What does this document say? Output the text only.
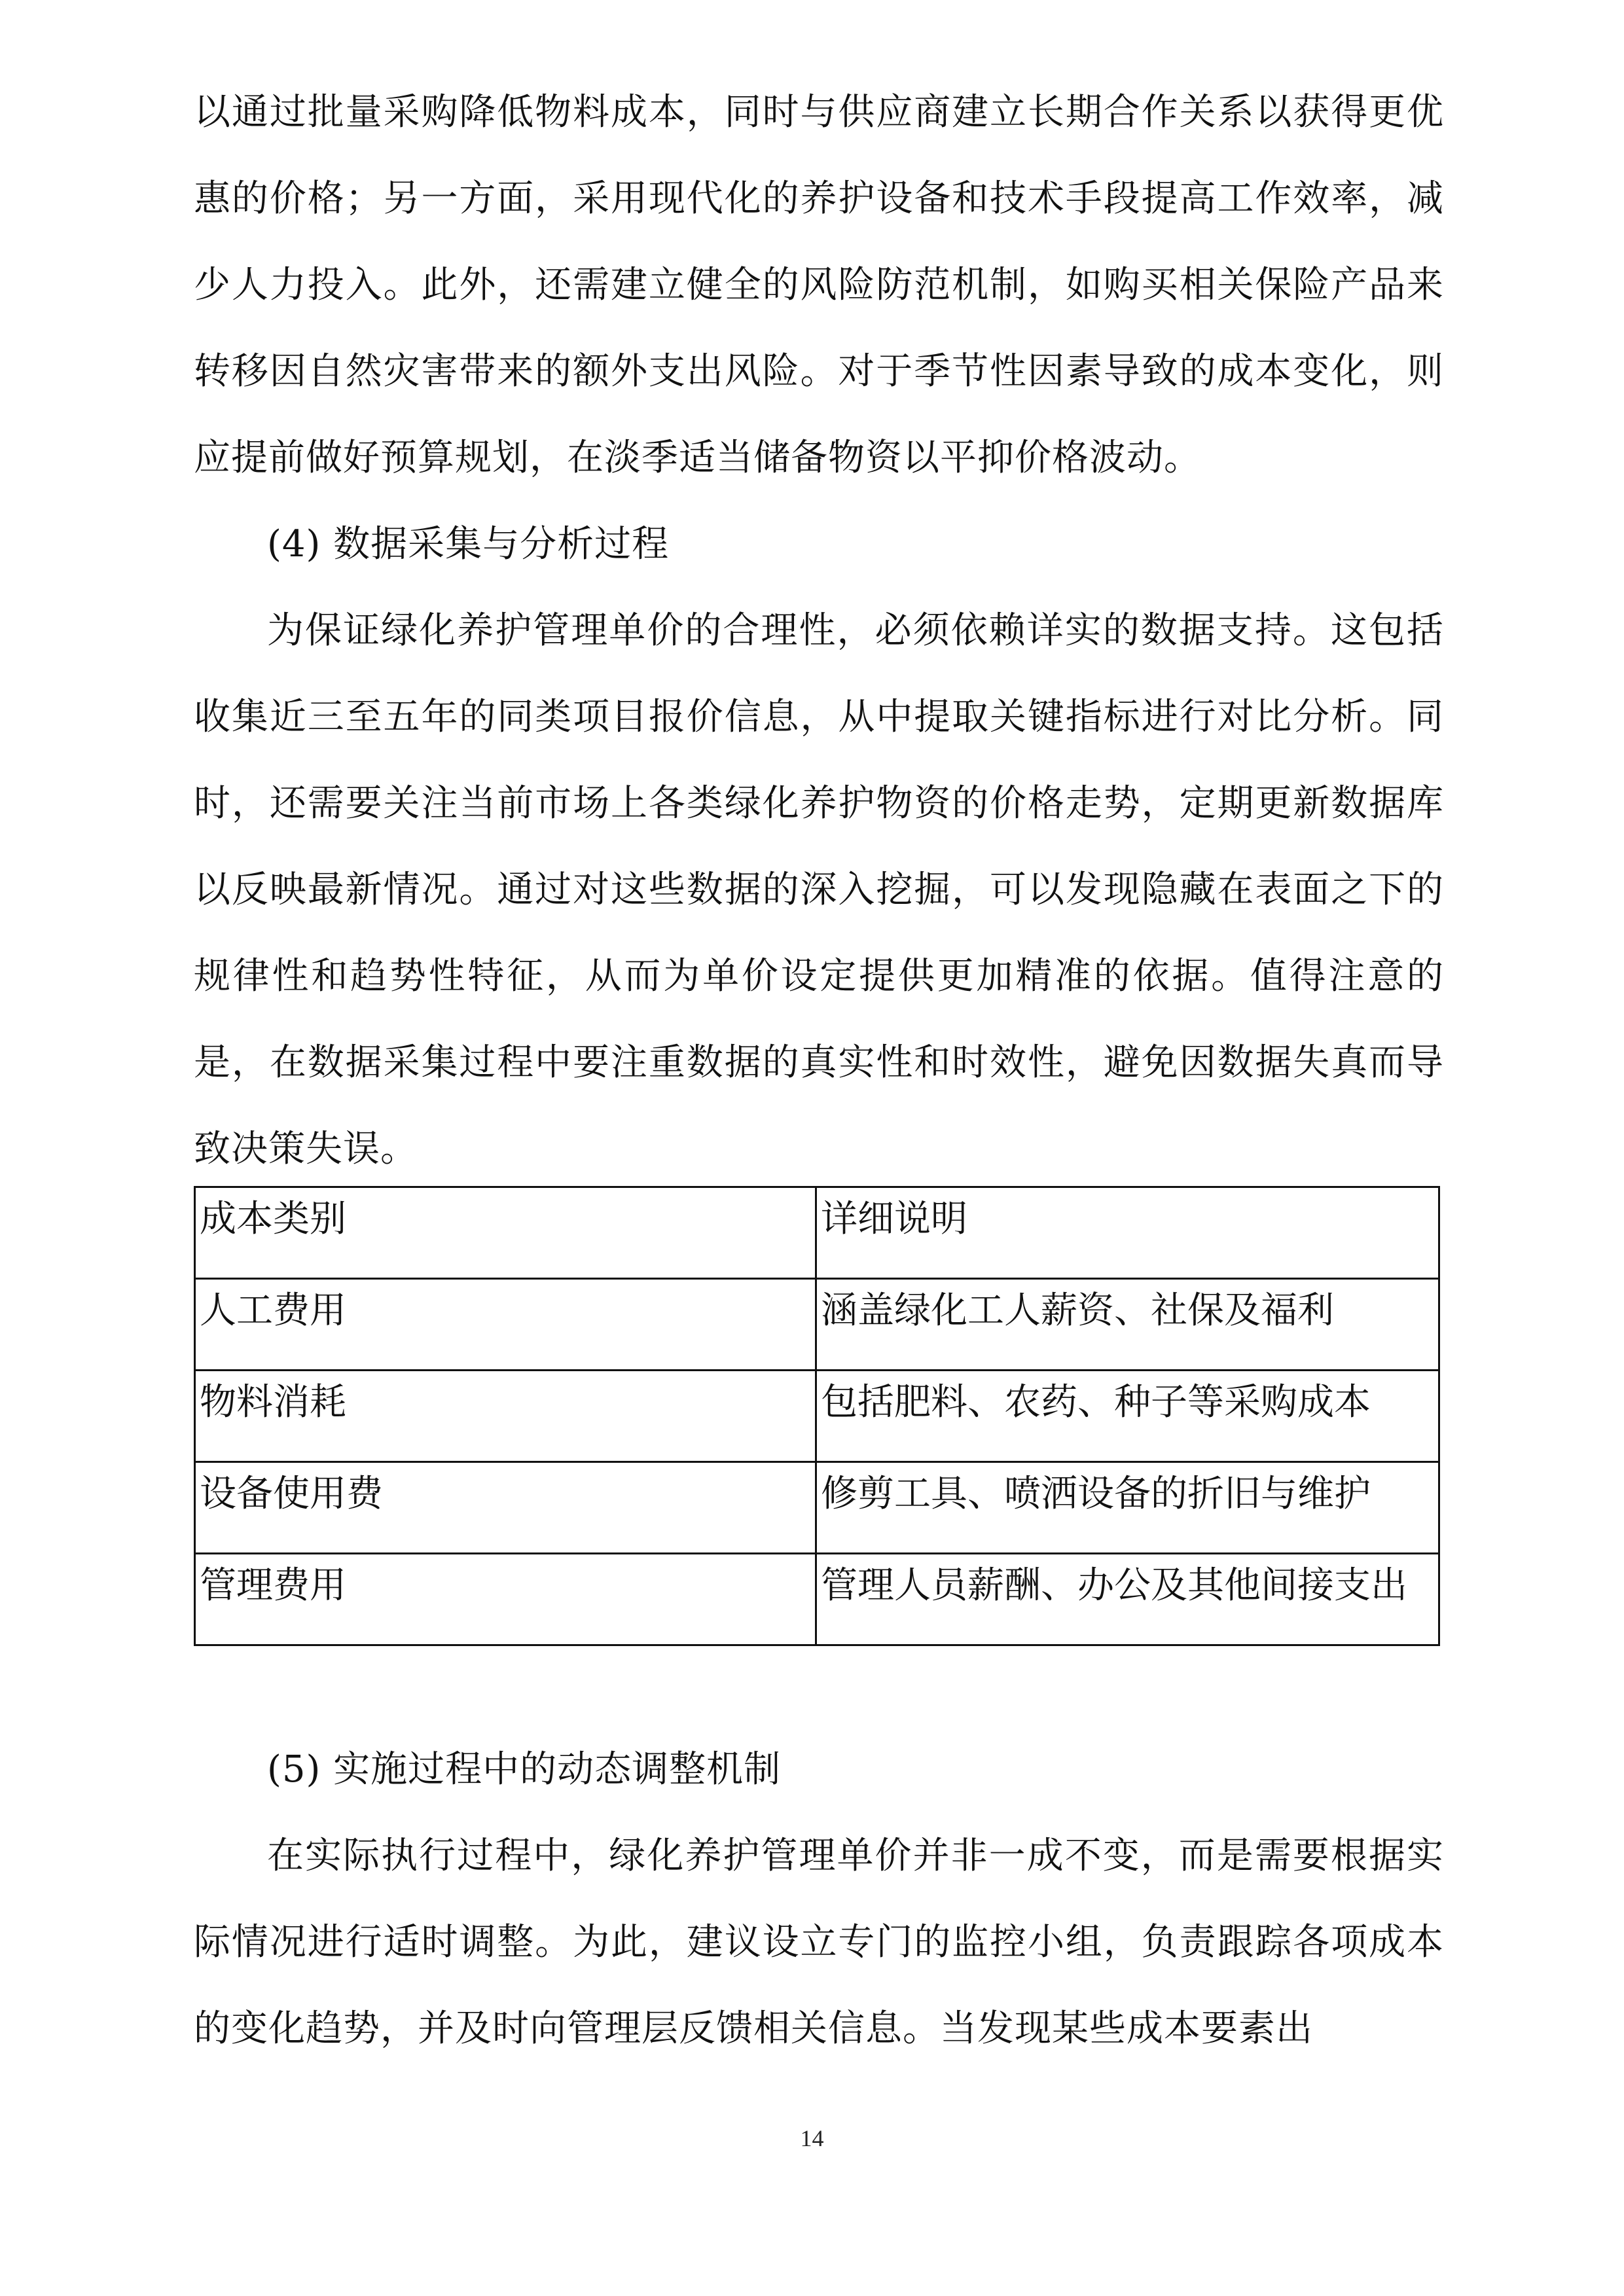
以通过批量采购降低物料成本，同时与供应商建立长期合作关系以获得更优惠的价格；另一方面，采用现代化的养护设备和技术手段提高工作效率，减少人力投入。此外，还需建立健全的风险防范机制，如购买相关保险产品来转移因自然灾害带来的额外支出风险。对于季节性因素导致的成本变化，则应提前做好预算规划，在淡季适当储备物资以平抑价格波动。

(4) 数据采集与分析过程

为保证绿化养护管理单价的合理性，必须依赖详实的数据支持。这包括收集近三至五年的同类项目报价信息，从中提取关键指标进行对比分析。同时，还需要关注当前市场上各类绿化养护物资的价格走势，定期更新数据库以反映最新情况。通过对这些数据的深入挖掘，可以发现隐藏在表面之下的规律性和趋势性特征，从而为单价设定提供更加精准的依据。值得注意的是，在数据采集过程中要注重数据的真实性和时效性，避免因数据失真而导致决策失误。

成本类别	详细说明
人工费用	涵盖绿化工人薪资、社保及福利
物料消耗	包括肥料、农药、种子等采购成本
设备使用费	修剪工具、喷洒设备的折旧与维护
管理费用	管理人员薪酬、办公及其他间接支出

(5) 实施过程中的动态调整机制

在实际执行过程中，绿化养护管理单价并非一成不变，而是需要根据实际情况进行适时调整。为此，建议设立专门的监控小组，负责跟踪各项成本的变化趋势，并及时向管理层反馈相关信息。当发现某些成本要素出

14
